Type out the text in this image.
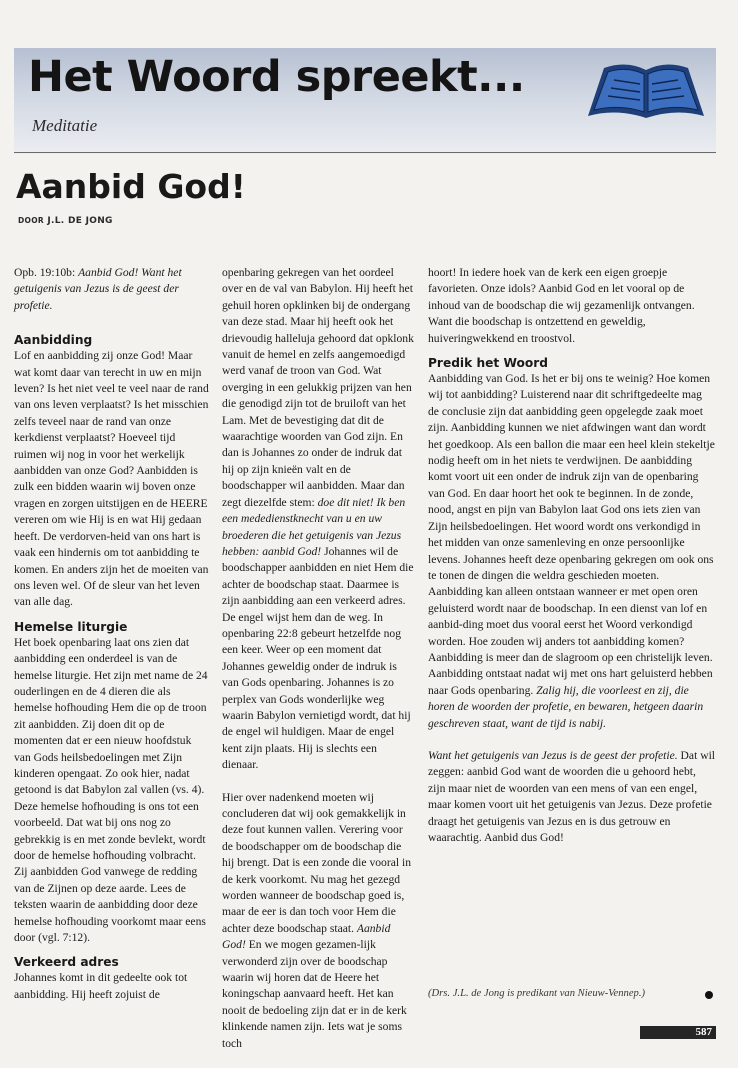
Het Woord spreekt...
Meditatie
Aanbid God!
DOOR J.L. DE JONG

Opb. 19:10b: Aanbid God! Want het getuigenis van Jezus is de geest der profetie.

Aanbidding

Lof en aanbidding zij onze God! Maar wat komt daar van terecht in uw en mijn leven? Is het niet veel te veel naar de rand van ons leven verplaatst? Is het misschien zelfs teveel naar de rand van onze kerkdienst verplaatst? Hoeveel tijd ruimen wij nog in voor het werkelijk aanbidden van onze God? Aanbidden is zulk een bidden waarin wij boven onze vragen en zorgen uitstijgen en de HEERE vereren om wie Hij is en wat Hij gedaan heeft. De verdorven-heid van ons hart is vaak een hindernis om tot aanbidding te komen. En anders zijn het de moeiten van ons leven wel. Of de sleur van het leven van alle dag.

Hemelse liturgie

Het boek openbaring laat ons zien dat aanbidding een onderdeel is van de hemelse liturgie. Het zijn met name de 24 ouderlingen en de 4 dieren die als hemelse hofhouding Hem die op de troon zit aanbidden. Zij doen dit op de momenten dat er een nieuw hoofdstuk van Gods heilsbedoelingen met Zijn kinderen opengaat. Zo ook hier, nadat getoond is dat Babylon zal vallen (vs. 4). Deze hemelse hofhouding is ons tot een voorbeeld. Dat wat bij ons nog zo gebrekkig is en met zonde bevlekt, wordt door de hemelse hofhouding volbracht. Zij aanbidden God vanwege de redding van de Zijnen op deze aarde. Lees de teksten waarin de aanbidding door deze hemelse hofhouding voorkomt maar eens door (vgl. 7:12).

Verkeerd adres

Johannes komt in dit gedeelte ook tot aanbidding. Hij heeft zojuist de

openbaring gekregen van het oordeel over en de val van Babylon. Hij heeft het gehuil horen opklinken bij de ondergang van deze stad. Maar hij heeft ook het drievoudig halleluja gehoord dat opklonk vanuit de hemel en zelfs aangemoedigd werd vanaf de troon van God. Wat overging in een gelukkig prijzen van hen die genodigd zijn tot de bruiloft van het Lam. Met de bevestiging dat dit de waarachtige woorden van God zijn. En dan is Johannes zo onder de indruk dat hij op zijn knieën valt en de boodschapper wil aanbidden. Maar dan zegt diezelfde stem: doe dit niet! Ik ben een mededienstknecht van u en uw broederen die het getuigenis van Jezus hebben: aanbid God! Johannes wil de boodschapper aanbidden en niet Hem die achter de boodschap staat. Daarmee is zijn aanbidding aan een verkeerd adres. De engel wijst hem dan de weg. In openbaring 22:8 gebeurt hetzelfde nog een keer. Weer op een moment dat Johannes geweldig onder de indruk is van Gods openbaring. Johannes is zo perplex van Gods wonderlijke weg waarin Babylon vernietigd wordt, dat hij de engel wil huldigen. Maar de engel kent zijn plaats. Hij is slechts een dienaar.

Hier over nadenkend moeten wij concluderen dat wij ook gemakkelijk in deze fout kunnen vallen. Verering voor de boodschapper om de boodschap die hij brengt. Dat is een zonde die vooral in de kerk voorkomt. Nu mag het gezegd worden wanneer de boodschap goed is, maar de eer is dan toch voor Hem die achter deze boodschap staat. Aanbid God! En we mogen gezamen-lijk verwonderd zijn over de boodschap waarin wij horen dat de Heere het koningschap aanvaard heeft. Het kan nooit de bedoeling zijn dat er in de kerk klinkende namen zijn. Iets wat je soms toch

hoort! In iedere hoek van de kerk een eigen groepje favorieten. Onze idols? Aanbid God en let vooral op de inhoud van de boodschap die wij gezamenlijk ontvangen. Want die boodschap is ontzettend en geweldig, huiveringwekkend en troostvol.

Predik het Woord

Aanbidding van God. Is het er bij ons te weinig? Hoe komen wij tot aanbidding? Luisterend naar dit schriftgedeelte mag de conclusie zijn dat aanbidding geen opgelegde zaak moet zijn. Aanbidding kunnen we niet afdwingen want dan wordt het goedkoop. Als een ballon die maar een heel klein stekeltje nodig heeft om in het niets te verdwijnen. De aanbidding komt voort uit een onder de indruk zijn van de openbaring van God. En daar hoort het ook te beginnen. In de zonde, nood, angst en pijn van Babylon laat God ons iets zien van Zijn heilsbedoelingen. Het woord wordt ons verkondigd in het midden van onze samenleving en onze persoonlijke levens. Johannes heeft deze openbaring gekregen om ook ons te tonen de dingen die weldra geschieden moeten. Aanbidding kan alleen ontstaan wanneer er met open oren geluisterd wordt naar de boodschap. In een dienst van lof en aanbid-ding moet dus vooral eerst het Woord verkondigd worden. Hoe zouden wij anders tot aanbidding komen? Aanbidding is meer dan de slagroom op een christelijk leven. Aanbidding ontstaat nadat wij met ons hart geluisterd hebben naar Gods openbaring. Zalig hij, die voorleest en zij, die horen de woorden der profetie, en bewaren, hetgeen daarin geschreven staat, want de tijd is nabij.

Want het getuigenis van Jezus is de geest der profetie. Dat wil zeggen: aanbid God want de woorden die u gehoord hebt, zijn maar niet de woorden van een mens of van een engel, maar komen voort uit het getuigenis van Jezus. Deze profetie draagt het getuigenis van Jezus en is dus getrouw en waarachtig. Aanbid dus God!

(Drs. J.L. de Jong is predikant van Nieuw-Vennep.)
587
